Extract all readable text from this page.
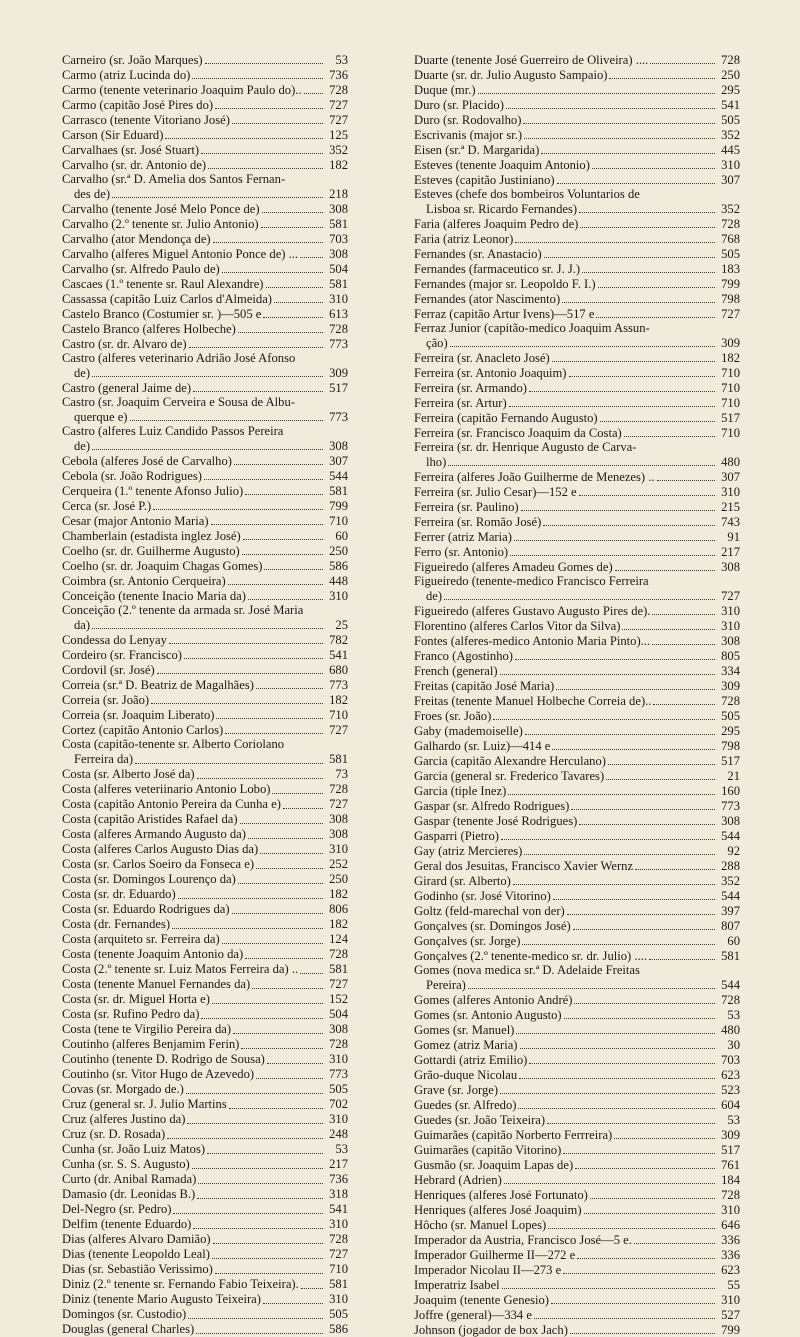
Carneiro (sr. João Marques)	53
Carmo (atriz Lucinda do)	736
Carmo (tenente veterinario Joaquim Paulo do).. 728
Carmo (capitão José Pires do)	727
Carrasco (tenente Vitoriano José)	727
Carson (Sir Eduard)	125
Carvalhaes (sr. José Stuart)	352
Carvalho (sr. dr. Antonio de)	182
Carvalho (sr.ª D. Amelia dos Santos Fernan-
des de)	218
Carvalho (tenente José Melo Ponce de)	308
Carvalho (2.º tenente sr. Julio Antonio)	581
Carvalho (ator Mendonça de)	703
Carvalho (alferes Miguel Antonio Ponce de) ... 308
Carvalho (sr. Alfredo Paulo de)	504
Cascaes (1.º tenente sr. Raul Alexandre)	581
Cassassa (capitão Luiz Carlos d'Almeida)	310
Castelo Branco (Costumier sr. )—505 e	613
Castelo Branco (alferes Holbeche)	728
Castro (sr. dr. Alvaro de)	773
Castro (alferes veterinario Adrião José Afonso
de)	309
Castro (general Jaime de)	517
Castro (sr. Joaquim Cerveira e Sousa de Albu-
querque e)	773
Castro (alferes Luiz Candido Passos Pereira
de)	308
Cebola (alferes José de Carvalho)	307
Cebola (sr. João Rodrigues)	544
Cerqueira (1.º tenente Afonso Julio)	581
Cerca (sr. José P.)	799
Cesar (major Antonio Maria)	710
Chamberlain (estadista inglez José)	60
Coelho (sr. dr. Guilherme Augusto)	250
Coelho (sr. dr. Joaquim Chagas Gomes)	586
Coimbra (sr. Antonio Cerqueira)	448
Conceição (tenente Inacio Maria da)	310
Conceição (2.º tenente da armada sr. José Maria
da)	25
Condessa do Lenyay	782
Cordeiro (sr. Francisco)	541
Cordovil (sr. José)	680
Correia (sr.ª D. Beatriz de Magalhães)	773
Correia (sr. João)	182
Correia (sr. Joaquim Liberato)	710
Cortez (capitão Antonio Carlos)	727
Costa (capitão-tenente sr. Alberto Coriolano
Ferreira da)	581
Costa (sr. Alberto José da)	73
Costa (alferes veteriinario Antonio Lobo)	728
Costa (capitão Antonio Pereira da Cunha e)	727
Costa (capitão Aristides Rafael da)	308
Costa (alferes Armando Augusto da)	308
Costa (alferes Carlos Augusto Dias da)	310
Costa (sr. Carlos Soeiro da Fonseca e)	252
Costa (sr. Domingos Lourenço da)	250
Costa (sr. dr. Eduardo)	182
Costa (sr. Eduardo Rodrigues da)	806
Costa (dr. Fernandes)	182
Costa (arquiteto sr. Ferreira da)	124
Costa (tenente Joaquim Antonio da)	728
Costa (2.º tenente sr. Luiz Matos Ferreira da) .. 581
Costa (tenente Manuel Fernandes da)	727
Costa (sr. dr. Miguel Horta e)	152
Costa (sr. Rufino Pedro da)	504
Costa (tene te Virgilio Pereira da)	308
Coutinho (alferes Benjamim Ferin)	728
Coutinho (tenente D. Rodrigo de Sousa)	310
Coutinho (sr. Vitor Hugo de Azevedo)	773
Covas (sr. Morgado de.)	505
Cruz (general sr. J. Julio Martins	702
Cruz (alferes Justino da)	310
Cruz (sr. D. Rosada)	248
Cunha (sr. João Luiz Matos)	53
Cunha (sr. S. S. Augusto)	217
Curto (dr. Anibal Ramada)	736
Damasio (dr. Leonidas B.)	318
Del-Negro (sr. Pedro)	541
Delfim (tenente Eduardo)	310
Dias (alferes Alvaro Damião)	728
Dias (tenente Leopoldo Leal)	727
Dias (sr. Sebastião Verissimo)	710
Diniz (2.º tenente sr. Fernando Fabio Teixeira). 581
Diniz (tenente Mario Augusto Teixeira)	310
Domingos (sr. Custodio)	505
Douglas (general Charles)	586
Duarte (tenente José Guerreiro de Oliveira) ....	728
Duarte (sr. dr. Julio Augusto Sampaio)	250
Duque (mr.)	295
Duro (sr. Placido)	541
Duro (sr. Rodovalho)	505
Escrivanis (major sr.)	352
Eisen (sr.ª D. Margarida)	445
Esteves (tenente Joaquim Antonio)	310
Esteves (capitão Justiniano)	307
Esteves (chefe dos bombeiros Voluntarios de
Lisboa sr. Ricardo Fernandes)	352
Faria (alferes Joaquim Pedro de)	728
Faria (atriz Leonor)	768
Fernandes (sr. Anastacio)	505
Fernandes (farmaceutico sr. J. J.)	183
Fernandes (major sr. Leopoldo F. I.)	799
Fernandes (ator Nascimento)	798
Ferraz (capitão Artur Ivens)—517 e	727
Ferraz Junior (capitão-medico Joaquim Assun-
ção)	309
Ferreira (sr. Anacleto José)	182
Ferreira (sr. Antonio Joaquim)	710
Ferreira (sr. Armando)	710
Ferreira (sr. Artur)	710
Ferreira (capitão Fernando Augusto)	517
Ferreira (sr. Francisco Joaquim da Costa)	710
Ferreira (sr. dr. Henrique Augusto de Carva-
lho)	480
Ferreira (alferes João Guilherme de Menezes) ..	307
Ferreira (sr. Julio Cesar)—152 e	310
Ferreira (sr. Paulino)	215
Ferreira (sr. Romão José)	743
Ferrer (atriz Maria)	91
Ferro (sr. Antonio)	217
Figueiredo (alferes Amadeu Gomes de)	308
Figueiredo (tenente-medico Francisco Ferreira
de)	727
Figueiredo (alferes Gustavo Augusto Pires de).	310
Florentino (alferes Carlos Vitor da Silva)	310
Fontes (alferes-medico Antonio Maria Pinto)...	308
Franco (Agostinho)	805
French (general)	334
Freitas (capitão José Maria)	309
Freitas (tenente Manuel Holbeche Correia de)..	728
Froes (sr. João)	505
Gaby (mademoiselle)	295
Galhardo (sr. Luiz)—414 e	798
Garcia (capitão Alexandre Herculano)	517
Garcia (general sr. Frederico Tavares)	21
Garcia (tiple Inez)	160
Gaspar (sr. Alfredo Rodrigues)	773
Gaspar (tenente José Rodrigues)	308
Gasparri (Pietro)	544
Gay (atriz Mercieres)	92
Geral dos Jesuitas, Francisco Xavier Wernz	288
Girard (sr. Alberto)	352
Godinho (sr. José Vitorino)	544
Goltz (feld-marechal von der)	397
Gonçalves (sr. Domingos José)	807
Gonçalves (sr. Jorge)	60
Gonçalves (2.º tenente-medico sr. dr. Julio) ....	581
Gomes (nova medica sr.ª D. Adelaide Freitas
Pereira)	544
Gomes (alferes Antonio André)	728
Gomes (sr. Antonio Augusto)	53
Gomes (sr. Manuel)	480
Gomez (atriz Maria)	30
Gottardi (atriz Emilio)	703
Grão-duque Nicolau	623
Grave (sr. Jorge)	523
Guedes (sr. Alfredo)	604
Guedes (sr. João Teixeira)	53
Guimarães (capitão Norberto Ferrreira)	309
Guimarães (capitão Vitorino)	517
Gusmão (sr. Joaquim Lapas de)	761
Hebrard (Adrien)	184
Henriques (alferes José Fortunato)	728
Henriques (alferes José Joaquim)	310
Hôcho (sr. Manuel Lopes)	646
Imperador da Austria, Francisco José—5 e.	336
Imperador Guilherme II—272 e	336
Imperador Nicolau II—273 e	623
Imperatriz Isabel	55
Joaquim (tenente Genesio)	310
Joffre (general)—334 e	527
Johnson (jogador de box Jach)	799
